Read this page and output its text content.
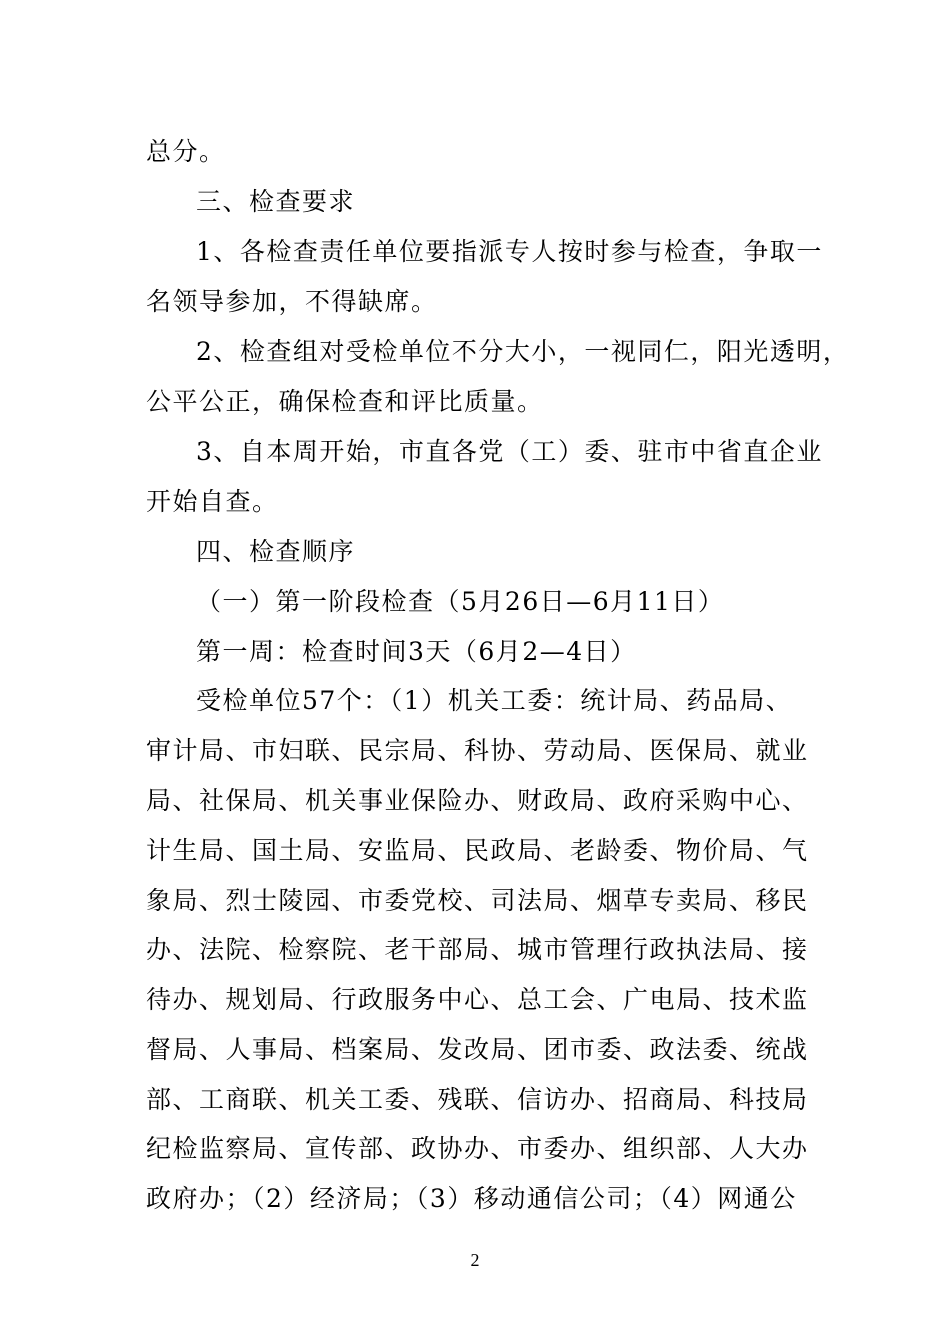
总分。
三、检查要求
1、各检查责任单位要指派专人按时参与检查，争取一
名领导参加，不得缺席。
2、检查组对受检单位不分大小，一视同仁，阳光透明，
公平公正，确保检查和评比质量。
3、自本周开始，市直各党（工）委、驻市中省直企业
开始自查。
四、检查顺序
（一）第一阶段检查（5月26日—6月11日）
第一周：检查时间3天（6月2—4日）
受检单位57个：（1）机关工委：统计局、药品局、
审计局、市妇联、民宗局、科协、劳动局、医保局、就业
局、社保局、机关事业保险办、财政局、政府采购中心、
计生局、国土局、安监局、民政局、老龄委、物价局、气
象局、烈士陵园、市委党校、司法局、烟草专卖局、移民
办、法院、检察院、老干部局、城市管理行政执法局、接
待办、规划局、行政服务中心、总工会、广电局、技术监
督局、人事局、档案局、发改局、团市委、政法委、统战
部、工商联、机关工委、残联、信访办、招商局、科技局
纪检监察局、宣传部、政协办、市委办、组织部、人大办
政府办；（2）经济局；（3）移动通信公司；（4）网通公
2
